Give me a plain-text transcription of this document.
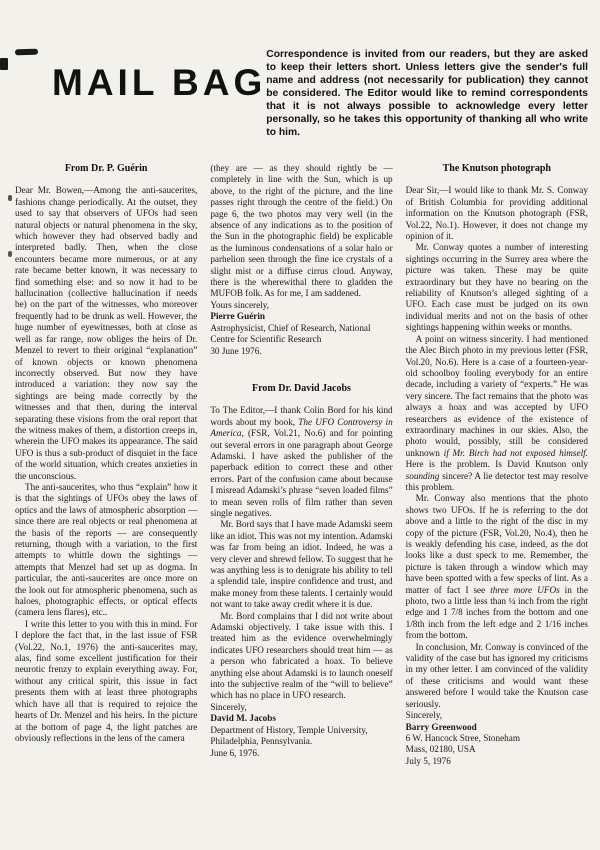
MAIL BAG
Correspondence is invited from our readers, but they are asked to keep their letters short. Unless letters give the sender's full name and address (not necessarily for publication) they cannot be considered. The Editor would like to remind correspondents that it is not always possible to acknowledge every letter personally, so he takes this opportunity of thanking all who write to him.
From Dr. P. Guérin

Dear Mr. Bowen,—Among the anti-saucerites, fashions change periodically. At the outset, they used to say that observers of UFOs had seen natural objects or natural phenomena in the sky, which however they had observed badly and interpreted badly. Then, when the close encounters became more numerous, or at any rate became better known, it was necessary to find something else: and so now it had to be hallucination (collective hallucination if needs be) on the part of the witnesses, who moreover frequently had to be drunk as well. However, the huge number of eyewitnesses, both at close as well as far range, now obliges the heirs of Dr. Menzel to revert to their original “explanation” of known objects or known phenomena incorrectly observed. But now they have introduced a variation: they now say the sightings are being made correctly by the witnesses and that then, during the interval separating these visions from the oral report that the witness makes of them, a distortion creeps in, wherein the UFO makes its appearance. The said UFO is thus a sub-product of disquiet in the face of the world situation, which creates anxieties in the unconscious.

The anti-saucerites, who thus “explain” how it is that the sightings of UFOs obey the laws of optics and the laws of atmospheric absorption — since there are real objects or real phenomena at the basis of the reports — are consequently returning, though with a variation, to the first attempts to whittle down the sightings — attempts that Menzel had set up as dogma. In particular, the anti-saucerites are once more on the look out for atmospheric phenomena, such as haloes, photographic effects, or optical effects (camera lens flares), etc..

I write this letter to you with this in mind. For I deplore the fact that, in the last issue of FSR (Vol.22, No.1, 1976) the anti-saucerites may, alas, find some excellent justification for their neurotic frenzy to explain everything away. For, without any critical spirit, this issue in fact presents them with at least three photographs which have all that is required to rejoice the hearts of Dr. Menzel and his heirs. In the picture at the bottom of page 4, the light patches are obviously reflections in the lens of the camera

(they are — as they should rightly be — completely in line with the Sun, which is up above, to the right of the picture, and the line passes right through the centre of the field.) On page 6, the two photos may very well (in the absence of any indications as to the position of the Sun in the photographic field) be explicable as the luminous condensations of a solar halo or parhelion seen through the fine ice crystals of a slight mist or a diffuse cirrus cloud. Anyway, there is the wherewithal there to gladden the MUFOB folk. As for me, I am saddened.

Yours sincerely,
Pierre Guérin
Astrophysicist, Chief of Research, National Centre for Scientific Research
30 June 1976.
From Dr. David Jacobs

To The Editor,—I thank Colin Bord for his kind words about my book, The UFO Controversy in America, (FSR, Vol.21, No.6) and for pointing out several errors in one paragraph about George Adamski. I have asked the publisher of the paperback edition to correct these and other errors. Part of the confusion came about because I misread Adamski’s phrase “seven loaded films” to mean seven rolls of film rather than seven single negatives.

Mr. Bord says that I have made Adamski seem like an idiot. This was not my intention. Adamski was far from being an idiot. Indeed, he was a very clever and shrewd fellow. To suggest that he was anything less is to denigrate his ability to tell a splendid tale, inspire confidence and trust, and make money from these talents. I certainly would not want to take away credit where it is due.

Mr. Bord complains that I did not write about Adamski objectively. I take issue with this. I treated him as the evidence overwhelmingly indicates UFO researchers should treat him — as a person who fabricated a hoax. To believe anything else about Adamski is to launch oneself into the subjective realm of the “will to believe” which has no place in UFO research.

Sincerely,
David M. Jacobs
Department of History, Temple University, Philadelphia, Pennsylvania.
June 6, 1976.
The Knutson photograph

Dear Sir,—I would like to thank Mr. S. Conway of British Columbia for providing additional information on the Knutson photograph (FSR, Vol.22, No.1). However, it does not change my opinion of it.

Mr. Conway quotes a number of interesting sightings occurring in the Surrey area where the picture was taken. These may be quite extraordinary but they have no bearing on the reliability of Knutson’s alleged sighting of a UFO. Each case must be judged on its own individual merits and not on the basis of other sightings happening within weeks or months.

A point on witness sincerity. I had mentioned the Alec Birch photo in my previous letter (FSR, Vol.20, No.6). Here is a case of a fourteen-year-old schoolboy fooling everybody for an entire decade, including a variety of “experts.” He was very sincere. The fact remains that the photo was always a hoax and was accepted by UFO researchers as evidence of the existence of extraordinary machines in our skies. Also, the photo would, possibly, still be considered unknown if Mr. Birch had not exposed himself. Here is the problem. Is David Knutson only sounding sincere? A lie detector test may resolve this problem.

Mr. Conway also mentions that the photo shows two UFOs. If he is referring to the dot above and a little to the right of the disc in my copy of the picture (FSR, Vol.20, No.4), then he is weakly defending his case, indeed, as the dot looks like a dust speck to me. Remember, the picture is taken through a window which may have been spotted with a few specks of lint. As a matter of fact I see three more UFOs in the photo, two a little less than ¼ inch from the right edge and 1 7/8 inches from the bottom and one 1/8th inch from the left edge and 2 1/16 inches from the bottom.

In conclusion, Mr. Conway is convinced of the validity of the case but has ignored my criticisms in my other letter. I am convinced of the validity of these criticisms and would want these answered before I would take the Knutson case seriously.

Sincerely,
Barry Greenwood
6 W. Hancock Stree, Stoneham
Mass, 02180, USA
July 5, 1976
